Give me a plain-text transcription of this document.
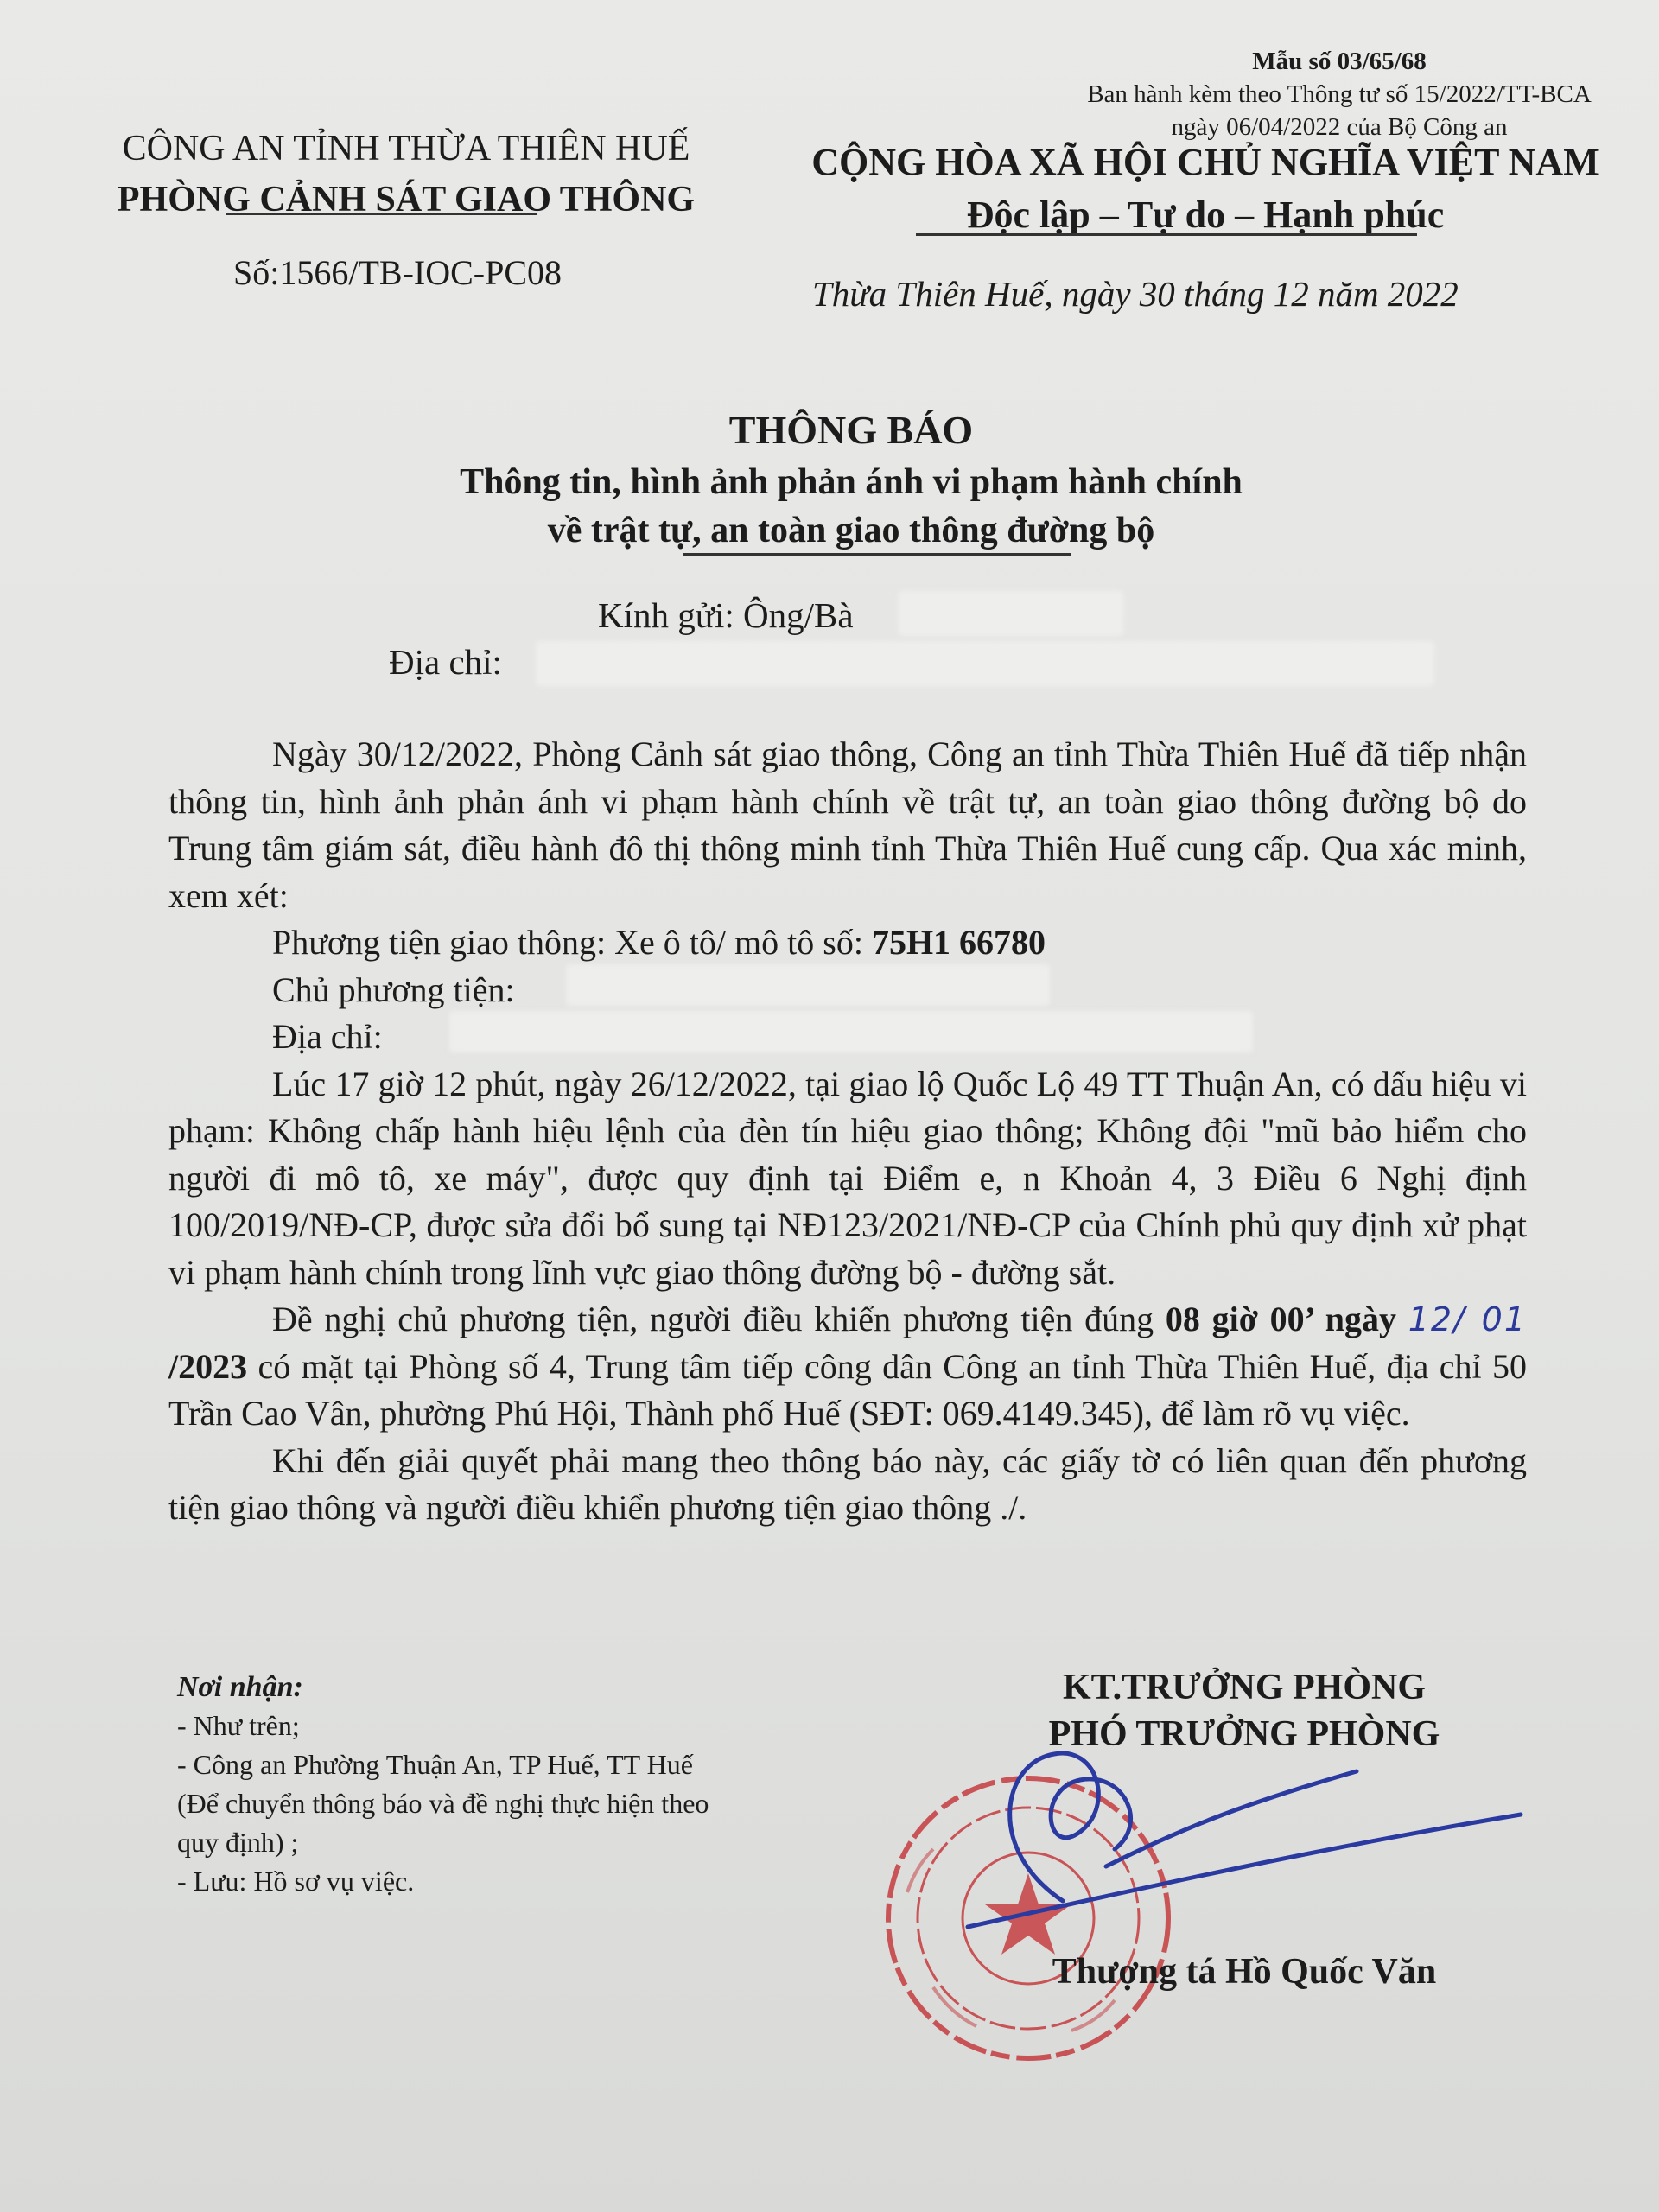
Mẫu số 03/65/68
Ban hành kèm theo Thông tư số 15/2022/TT-BCA
ngày 06/04/2022 của Bộ Công an
CÔNG AN TỈNH THỪA THIÊN HUẾ
PHÒNG CẢNH SÁT GIAO THÔNG
Số:1566/TB-IOC-PC08
CỘNG HÒA XÃ HỘI CHỦ NGHĨA VIỆT NAM
Độc lập – Tự do – Hạnh phúc
Thừa Thiên Huế, ngày 30 tháng 12 năm 2022
THÔNG BÁO
Thông tin, hình ảnh phản ánh vi phạm hành chính
về trật tự, an toàn giao thông đường bộ
Kính gửi: Ông/Bà
Địa chỉ:

Ngày 30/12/2022, Phòng Cảnh sát giao thông, Công an tỉnh Thừa Thiên Huế đã tiếp nhận thông tin, hình ảnh phản ánh vi phạm hành chính về trật tự, an toàn giao thông đường bộ do Trung tâm giám sát, điều hành đô thị thông minh tỉnh Thừa Thiên Huế cung cấp. Qua xác minh, xem xét:

Phương tiện giao thông: Xe ô tô/ mô tô số: 75H1 66780

Chủ phương tiện:

Địa chỉ:

Lúc 17 giờ 12 phút, ngày 26/12/2022, tại giao lộ Quốc Lộ 49 TT Thuận An, có dấu hiệu vi phạm: Không chấp hành hiệu lệnh của đèn tín hiệu giao thông; Không đội "mũ bảo hiểm cho người đi mô tô, xe máy", được quy định tại Điểm e, n Khoản 4, 3 Điều 6 Nghị định 100/2019/NĐ-CP, được sửa đổi bổ sung tại NĐ123/2021/NĐ-CP của Chính phủ quy định xử phạt vi phạm hành chính trong lĩnh vực giao thông đường bộ - đường sắt.

Đề nghị chủ phương tiện, người điều khiển phương tiện đúng 08 giờ 00’ ngày 12/ 01 /2023 có mặt tại Phòng số 4, Trung tâm tiếp công dân Công an tỉnh Thừa Thiên Huế, địa chỉ 50 Trần Cao Vân, phường Phú Hội, Thành phố Huế (SĐT: 069.4149.345), để làm rõ vụ việc.

Khi đến giải quyết phải mang theo thông báo này, các giấy tờ có liên quan đến phương tiện giao thông và người điều khiển phương tiện giao thông ./.

Nơi nhận:
- Như trên;
- Công an Phường Thuận An, TP Huế, TT Huế
(Để chuyển thông báo và đề nghị thực hiện theo
quy định) ;
- Lưu: Hồ sơ vụ việc.
KT.TRƯỞNG PHÒNG
PHÓ TRƯỞNG PHÒNG
Thượng tá Hồ Quốc Văn
